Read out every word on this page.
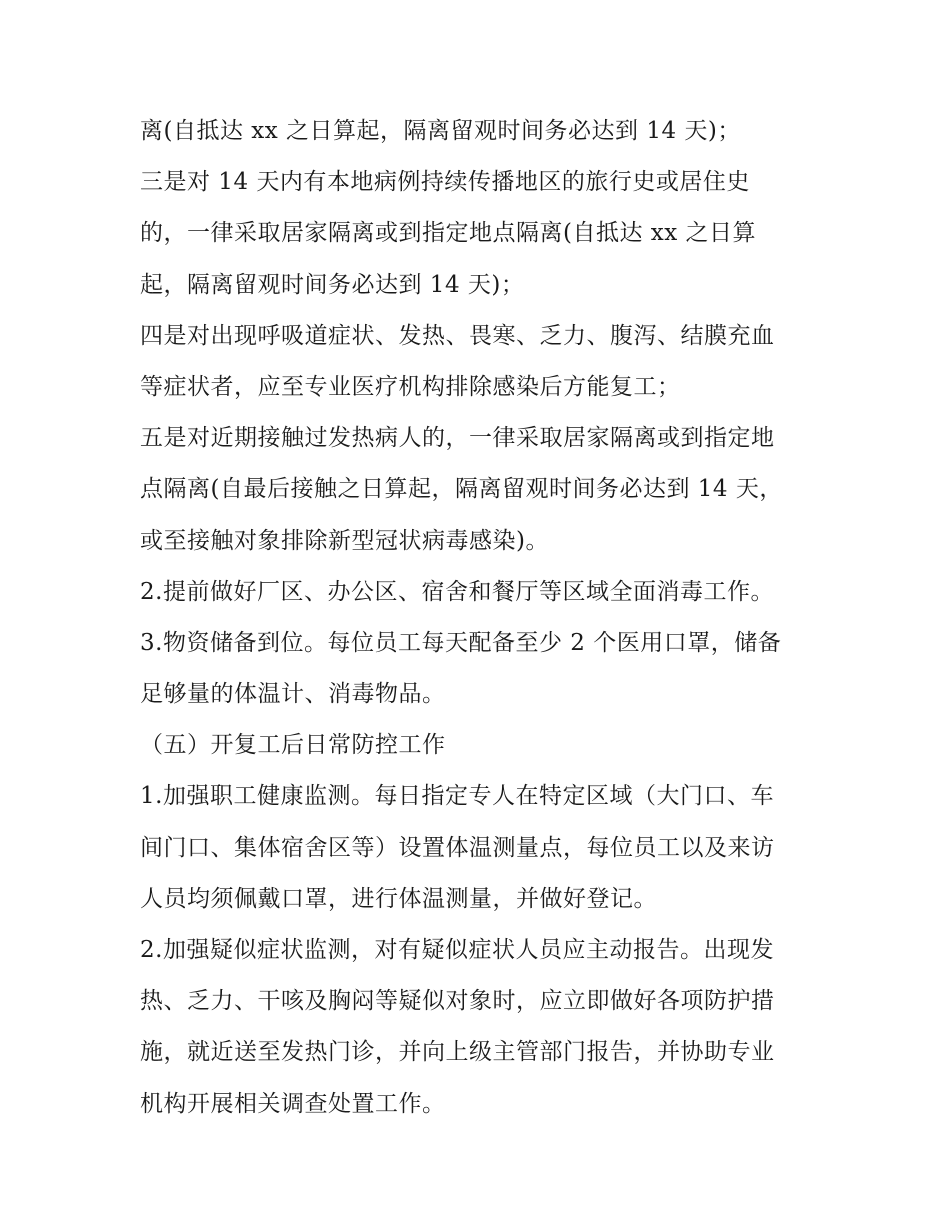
离(自抵达 xx 之日算起，隔离留观时间务必达到 14 天)；
三是对 14 天内有本地病例持续传播地区的旅行史或居住史
的，一律采取居家隔离或到指定地点隔离(自抵达 xx 之日算
起，隔离留观时间务必达到 14 天)；
四是对出现呼吸道症状、发热、畏寒、乏力、腹泻、结膜充血
等症状者，应至专业医疗机构排除感染后方能复工；
五是对近期接触过发热病人的，一律采取居家隔离或到指定地
点隔离(自最后接触之日算起，隔离留观时间务必达到 14 天，
或至接触对象排除新型冠状病毒感染)。
2.提前做好厂区、办公区、宿舍和餐厅等区域全面消毒工作。
3.物资储备到位。每位员工每天配备至少 2 个医用口罩，储备
足够量的体温计、消毒物品。
（五）开复工后日常防控工作
1.加强职工健康监测。每日指定专人在特定区域（大门口、车
间门口、集体宿舍区等）设置体温测量点，每位员工以及来访
人员均须佩戴口罩，进行体温测量，并做好登记。
2.加强疑似症状监测，对有疑似症状人员应主动报告。出现发
热、乏力、干咳及胸闷等疑似对象时，应立即做好各项防护措
施，就近送至发热门诊，并向上级主管部门报告，并协助专业
机构开展相关调查处置工作。
